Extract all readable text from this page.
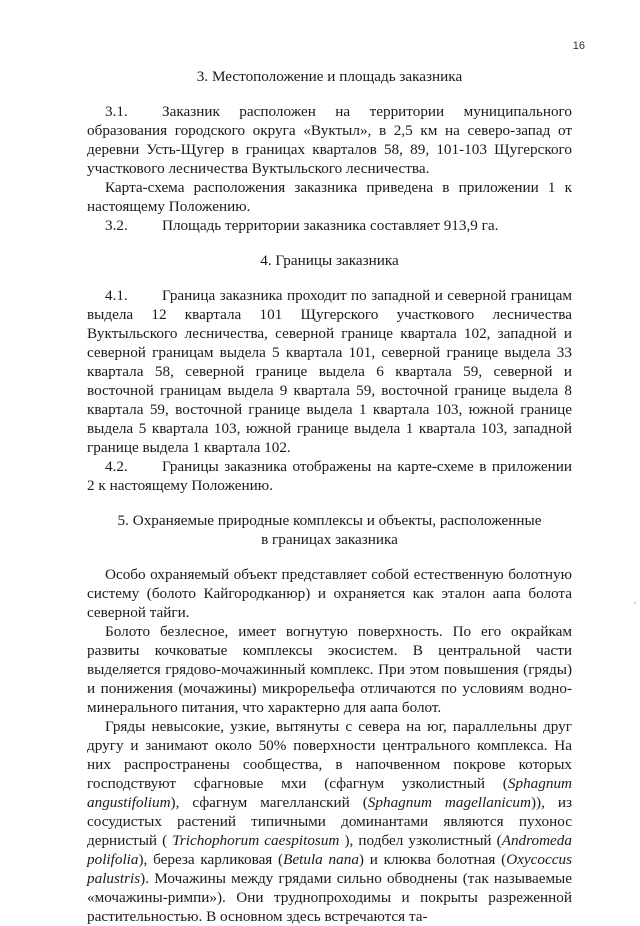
16
3. Местоположение и площадь заказника

3.1. Заказник расположен на территории муниципального образования городского округа «Вуктыл», в 2,5 км на северо-запад от деревни Усть-Щугер в границах кварталов 58, 89, 101-103 Щугерского участкового лесничества Вуктыльского лесничества.

Карта-схема расположения заказника приведена в приложении 1 к настоящему Положению.

3.2. Площадь территории заказника составляет 913,9 га.

4. Границы заказника

4.1. Граница заказника проходит по западной и северной границам выдела 12 квартала 101 Щугерского участкового лесничества Вуктыльского лесничества, северной границе квартала 102, западной и северной границам выдела 5 квартала 101, северной границе выдела 33 квартала 58, северной границе выдела 6 квартала 59, северной и восточной границам выдела 9 квартала 59, восточной границе выдела 8 квартала 59, восточной границе выдела 1 квартала 103, южной границе выдела 5 квартала 103, южной границе выдела 1 квартала 103, западной границе выдела 1 квартала 102.

4.2. Границы заказника отображены на карте-схеме в приложении 2 к настоящему Положению.

5. Охраняемые природные комплексы и объекты, расположенные
в границах заказника

Особо охраняемый объект представляет собой естественную болотную систему (болото Кайгородканюр) и охраняется как эталон аапа болота северной тайги.

Болото безлесное, имеет вогнутую поверхность. По его окрайкам развиты кочковатые комплексы экосистем. В центральной части выделяется грядово-мочажинный комплекс. При этом повышения (гряды) и понижения (мочажины) микрорельефа отличаются по условиям водно-минерального питания, что характерно для аапа болот.

Гряды невысокие, узкие, вытянуты с севера на юг, параллельны друг другу и занимают около 50% поверхности центрального комплекса. На них распространены сообщества, в напочвенном покрове которых господствуют сфагновые мхи (сфагнум узколистный (Sphagnum angustifolium), сфагнум магелланский (Sphagnum magellanicum)), из сосудистых растений типичными доминантами являются пухонос дернистый ( Trichophorum caespitosum ), подбел узколистный (Andromeda polifolia), береза карликовая (Betula nana) и клюква болотная (Oxycoccus palustris). Мочажины между грядами сильно обводнены (так называемые «мочажины-римпи»). Они труднопроходимы и покрыты разреженной растительностью. В основном здесь встречаются та-

'
